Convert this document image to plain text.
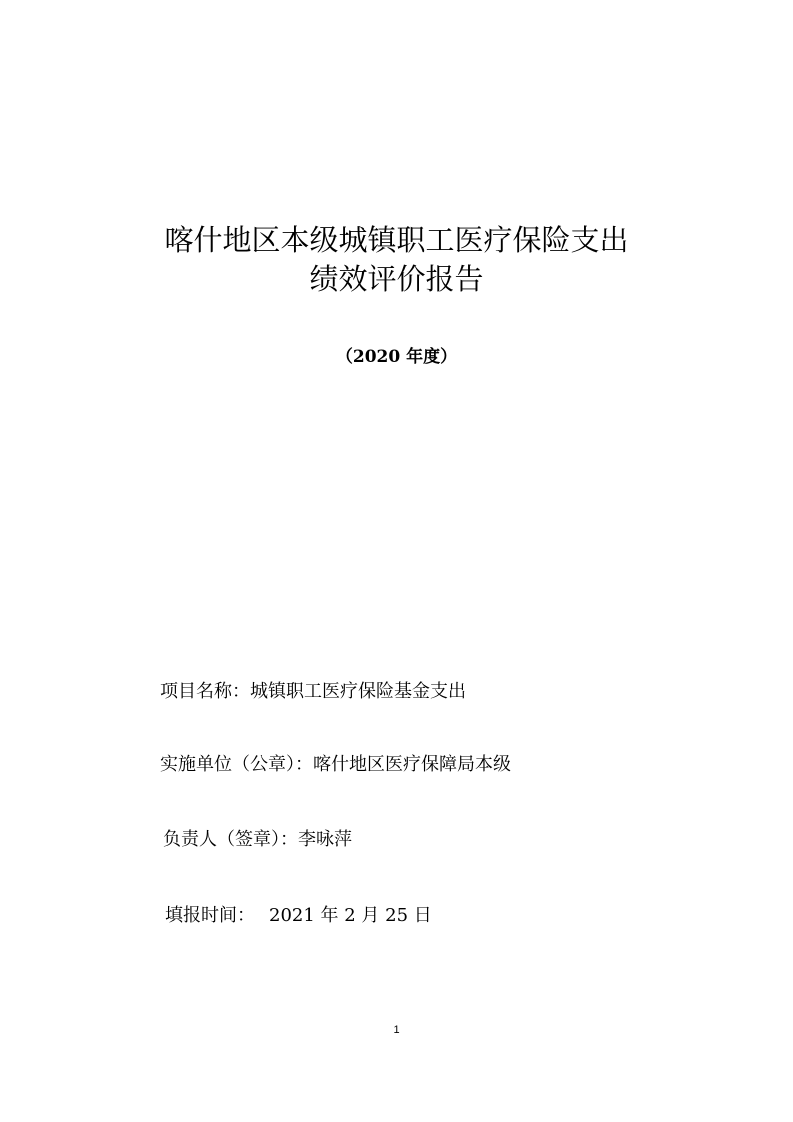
喀什地区本级城镇职工医疗保险支出
绩效评价报告
（2020 年度）
项目名称：城镇职工医疗保险基金支出
实施单位（公章）：喀什地区医疗保障局本级
负责人（签章）：李咏萍
填报时间： 2021 年 2 月 25 日
1
